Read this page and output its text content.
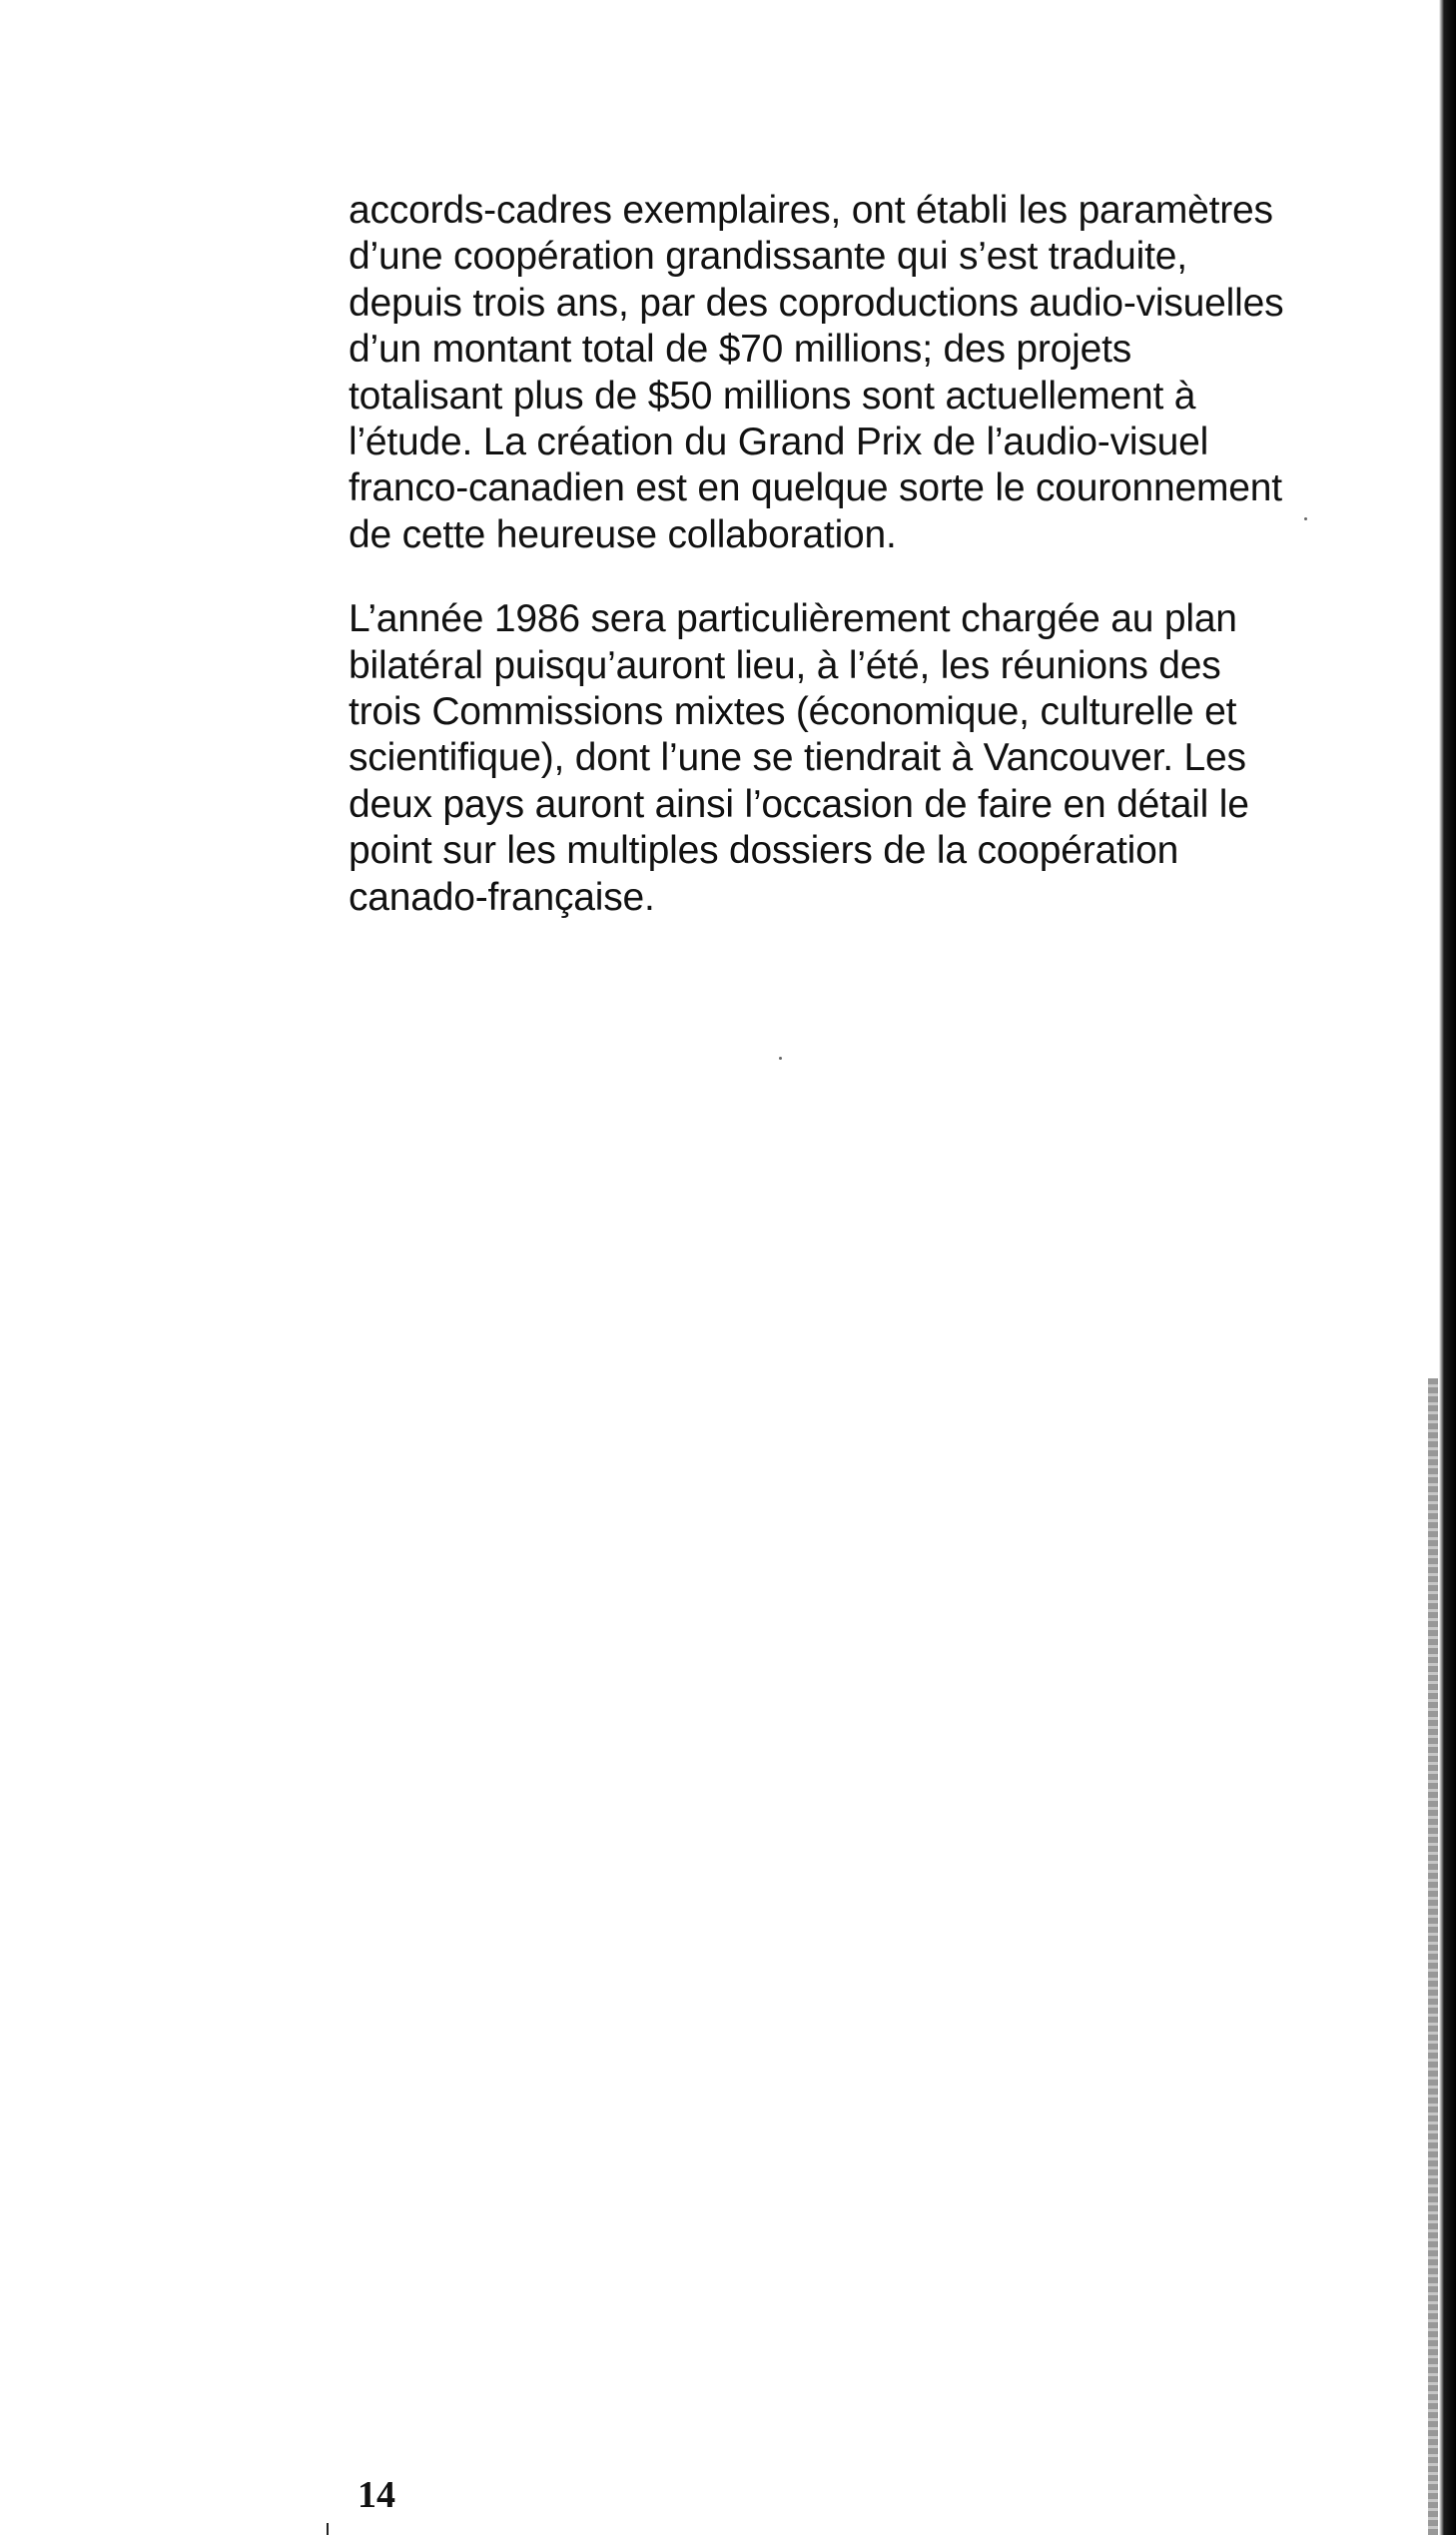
accords-cadres exemplaires, ont établi les paramètres
d’une coopération grandissante qui s’est traduite,
depuis trois ans, par des coproductions audio-visuelles
d’un montant total de $70 millions; des projets
totalisant plus de $50 millions sont actuellement à
l’étude. La création du Grand Prix de l’audio-visuel
franco-canadien est en quelque sorte le couronnement
de cette heureuse collaboration.

L’année 1986 sera particulièrement chargée au plan
bilatéral puisqu’auront lieu, à l’été, les réunions des
trois Commissions mixtes (économique, culturelle et
scientifique), dont l’une se tiendrait à Vancouver. Les
deux pays auront ainsi l’occasion de faire en détail le
point sur les multiples dossiers de la coopération
canado-française.

14
